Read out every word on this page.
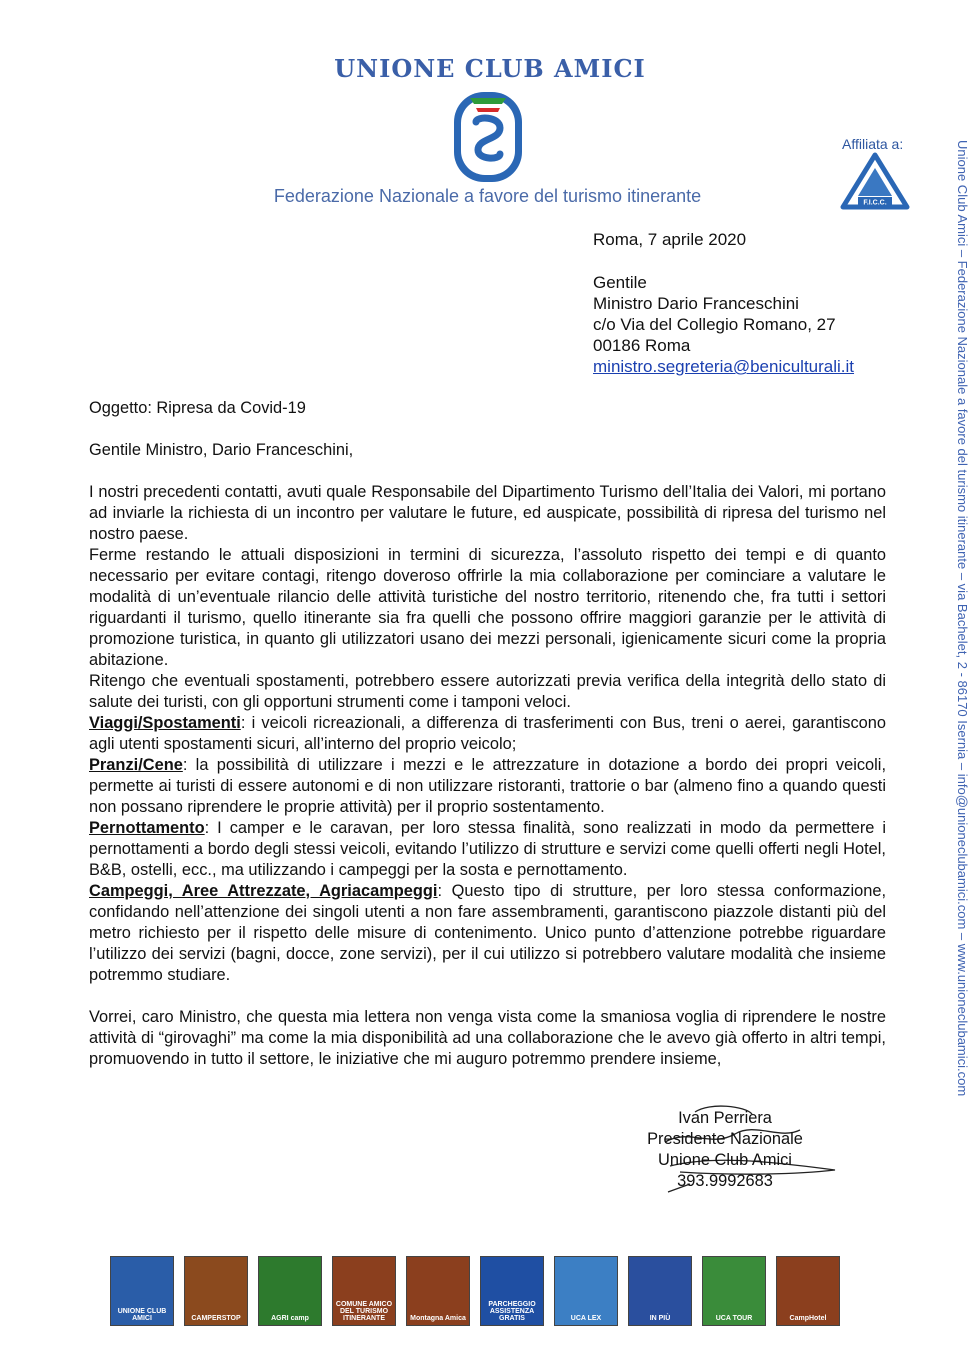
UNIONE CLUB AMICI
Federazione Nazionale a favore del turismo itinerante
Affiliata a:
F.I.C.C.	Unione Club Amici – Federazione Nazionale a favore del turismo itinerante – via Bachelet, 2 - 86170 Isernia – info@unioneclubamici.com – www.unioneclubamici.com
Roma, 7 aprile 2020
Gentile
Ministro Dario Franceschini
c/o Via del Collegio Romano, 27
00186 Roma
ministro.segreteria@beniculturali.it

Oggetto: Ripresa da Covid-19

Gentile Ministro, Dario Franceschini,

I nostri precedenti contatti, avuti quale Responsabile del Dipartimento Turismo dell’Italia dei Valori, mi portano ad inviarle la richiesta di un incontro per valutare le future, ed auspicate, possibilità di ripresa del turismo nel nostro paese.

Ferme restando le attuali disposizioni in termini di sicurezza, l’assoluto rispetto dei tempi e di quanto necessario per evitare contagi, ritengo doveroso offrirle la mia collaborazione per cominciare a valutare le modalità di un’eventuale rilancio delle attività turistiche del nostro territorio, ritenendo che, fra tutti i settori riguardanti il turismo, quello itinerante sia fra quelli che possono offrire maggiori garanzie per le attività di promozione turistica, in quanto gli utilizzatori usano dei mezzi personali, igienicamente sicuri come la propria abitazione.

Ritengo che eventuali spostamenti, potrebbero essere autorizzati previa verifica della integrità dello stato di salute dei turisti, con gli opportuni strumenti come i tamponi veloci.

Viaggi/Spostamenti: i veicoli ricreazionali, a differenza di trasferimenti con Bus, treni o aerei, garantiscono agli utenti spostamenti sicuri, all’interno del proprio veicolo;

Pranzi/Cene: la possibilità di utilizzare i mezzi e le attrezzature in dotazione a bordo dei propri veicoli, permette ai turisti di essere autonomi e di non utilizzare ristoranti, trattorie o bar (almeno fino a quando questi non possano riprendere le proprie attività) per il proprio sostentamento.

Pernottamento: I camper e le caravan, per loro stessa finalità, sono realizzati in modo da permettere i pernottamenti a bordo degli stessi veicoli, evitando l’utilizzo di strutture e servizi come quelli offerti negli Hotel, B&B, ostelli, ecc., ma utilizzando i campeggi per la sosta e pernottamento.

Campeggi, Aree Attrezzate, Agriacampeggi: Questo tipo di strutture, per loro stessa conformazione, confidando nell’attenzione dei singoli utenti a non fare assembramenti, garantiscono piazzole distanti più del metro richiesto per il rispetto delle misure di contenimento. Unico punto d’attenzione potrebbe riguardare l’utilizzo dei servizi (bagni, docce, zone servizi), per il cui utilizzo si potrebbero valutare modalità che insieme potremmo studiare.

Vorrei, caro Ministro, che questa mia lettera non venga vista come la smaniosa voglia di riprendere le nostre attività di “girovaghi” ma come la mia disponibilità ad una collaborazione che le avevo già offerto in altri tempi, promuovendo in tutto il settore, le iniziative che mi auguro potremmo prendere insieme,

Ivan Perriera
Presidente Nazionale
Unione Club Amici
393.9992683
UNIONE CLUB AMICI	CAMPERSTOP	AGRI camp
COMUNE AMICO DEL TURISMO ITINERANTE	Montagna Amica
PARCHEGGIO ASSISTENZA GRATIS	UCA LEX	IN PIÙ	UCA TOUR	CampHotel
